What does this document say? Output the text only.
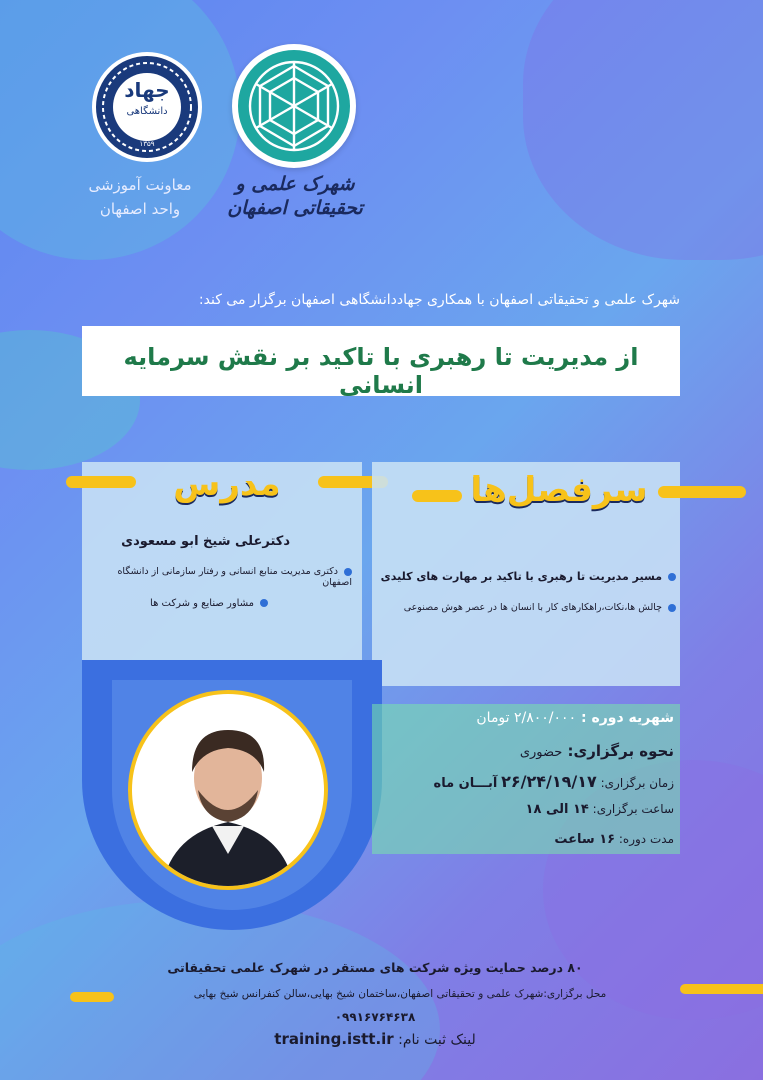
شهرک علمی و تحقیقاتی اصفهان
جهاد
دانشگاهی
۱۳۵۹
معاونت آموزشی
واحد اصفهان
شهرک علمی و تحقیقاتی اصفهان با همکاری جهاددانشگاهی اصفهان برگزار می کند:
از مدیریت تا رهبری با تاکید بر نقش سرمایه انسانی
مدرس
دکترعلی شیخ ابو مسعودی
دکتری مدیریت منابع انسانی و رفتار سازمانی از دانشگاه اصفهان
مشاور صنایع و شرکت ها
سرفصل‌ها
مسیر مدیریت تا رهبری با تاکید بر مهارت های کلیدی
چالش ها،نکات،راهکارهای کار با انسان ها در عصر هوش مصنوعی
شهریه دوره : ۲/۸۰۰/۰۰۰ تومان
نحوه برگزاری: حضوری
زمان برگزاری: ۲۶/۲۴/۱۹/۱۷ آبـــان ماه
ساعت برگزاری: ۱۴ الی ۱۸
مدت دوره: ۱۶ ساعت
۸۰ درصد حمایت ویژه شرکت های مستقر در شهرک علمی تحقیقاتی
محل برگزاری:شهرک علمی و تحقیقاتی اصفهان،ساختمان شیخ بهایی،سالن کنفرانس شیخ بهایی
۰۹۹۱۶۷۶۴۶۳۸
لینک ثبت نام: training.istt.ir
